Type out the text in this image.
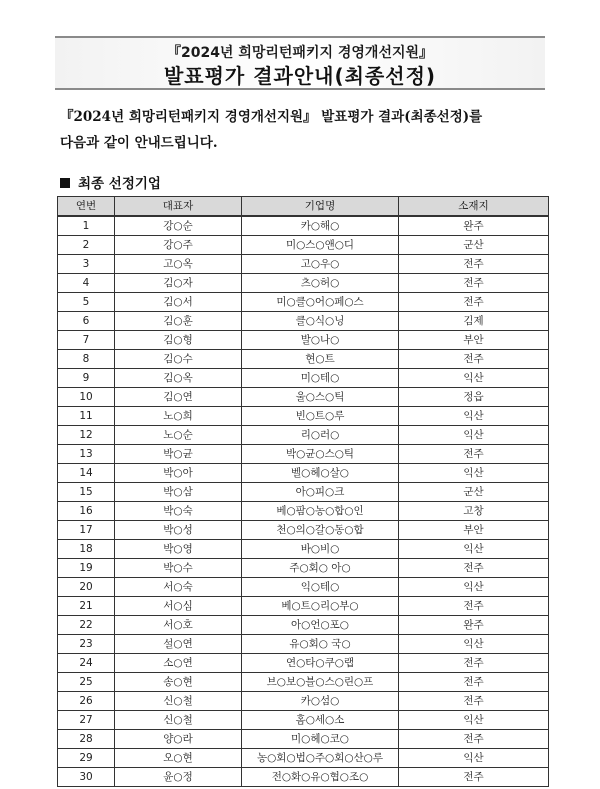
『2024년 희망리턴패키지 경영개선지원』
발표평가 결과안내(최종선정)
『2024년 희망리턴패키지 경영개선지원』 발표평가 결과(최종선정)를
다음과 같이 안내드립니다.
최종 선정기업
연번	대표자	기업명	소재지
1	강○순	카○해○	완주
2	강○주	미○스○앤○디	군산
3	고○옥	고○우○	전주
4	김○자	츠○허○	전주
5	김○서	미○클○어○페○스	전주
6	김○훈	클○식○닝	김제
7	김○형	발○나○	부안
8	김○수	현○트	전주
9	김○옥	미○테○	익산
10	김○연	울○스○틱	정읍
11	노○희	빈○트○루	익산
12	노○순	리○러○	익산
13	박○균	박○균○스○틱	전주
14	박○아	벨○헤○살○	익산
15	박○삼	아○피○크	군산
16	박○숙	베○팜○농○합○인	고창
17	박○성	천○의○갈○동○합	부안
18	박○영	바○비○	익산
19	박○수	주○회○ 아○	전주
20	서○숙	익○테○	익산
21	서○심	베○트○리○부○	전주
22	서○호	아○언○포○	완주
23	설○연	유○회○ 국○	익산
24	소○연	연○타○쿠○랩	전주
25	송○현	브○보○블○스○린○프	전주
26	신○철	카○섬○	전주
27	신○철	홈○세○소	익산
28	양○라	미○헤○코○	전주
29	오○현	농○회○법○주○회○산○루	익산
30	윤○정	전○화○유○협○조○	전주
